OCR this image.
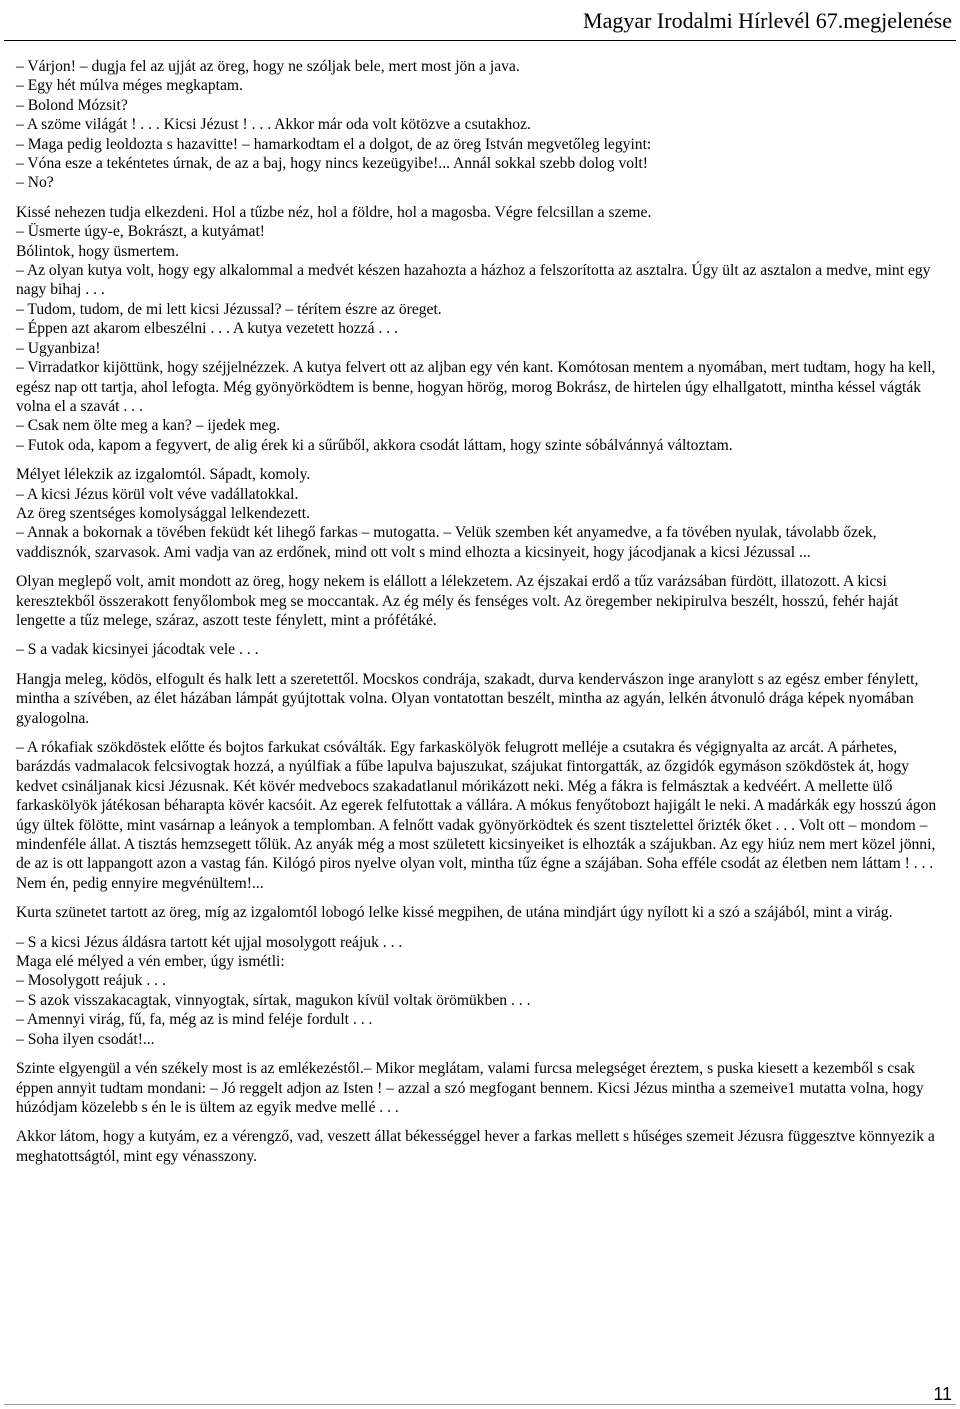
Magyar Irodalmi Hírlevél 67.megjelenése

– Várjon! – dugja fel az ujját az öreg, hogy ne szóljak bele, mert most jön a java.

– Egy hét múlva méges megkaptam.

– Bolond Mózsit?

– A szöme világát ! . . . Kicsi Jézust ! . . . Akkor már oda volt kötözve a csutakhoz.

– Maga pedig leoldozta s hazavitte! – hamarkodtam el a dolgot, de az öreg István megvetőleg legyint:

– Vóna esze a tekéntetes úrnak, de az a baj, hogy nincs kezeügyibe!... Annál sokkal szebb dolog volt!

– No?

Kissé nehezen tudja elkezdeni. Hol a tűzbe néz, hol a földre, hol a magosba. Végre felcsillan a szeme.

– Üsmerte úgy-e, Bokrászt, a kutyámat!

Bólintok, hogy üsmertem.

– Az olyan kutya volt, hogy egy alkalommal a medvét készen hazahozta a házhoz a felszorította az asztalra. Úgy ült az asztalon a medve, mint egy nagy bihaj . . .

– Tudom, tudom, de mi lett kicsi Jézussal? – térítem észre az öreget.

– Éppen azt akarom elbeszélni . . . A kutya vezetett hozzá . . .

– Ugyanbiza!

– Virradatkor kijöttünk, hogy széjjelnézzek. A kutya felvert ott az aljban egy vén kant. Komótosan mentem a nyomában, mert tudtam, hogy ha kell, egész nap ott tartja, ahol lefogta. Még gyönyörködtem is benne, hogyan hörög, morog Bokrász, de hirtelen úgy elhallgatott, mintha késsel vágták volna el a szavát . . .

– Csak nem ölte meg a kan? – ijedek meg.

– Futok oda, kapom a fegyvert, de alig érek ki a sűrűből, akkora csodát láttam, hogy szinte sóbálvánnyá változtam.

Mélyet lélekzik az izgalomtól. Sápadt, komoly.

– A kicsi Jézus körül volt véve vadállatokkal.

Az öreg szentséges komolysággal lelkendezett.

– Annak a bokornak a tövében feküdt két lihegő farkas – mutogatta. – Velük szemben két anyamedve, a fa tövében nyulak, távolabb őzek, vaddisznók, szarvasok. Ami vadja van az erdőnek, mind ott volt s mind elhozta a kicsinyeit, hogy jácodjanak a kicsi Jézussal ...

Olyan meglepő volt, amit mondott az öreg, hogy nekem is elállott a lélekzetem. Az éjszakai erdő a tűz varázsában fürdött, illatozott. A kicsi keresztekből összerakott fenyőlombok meg se moccantak. Az ég mély és fenséges volt. Az öregember nekipirulva beszélt, hosszú, fehér haját lengette a tűz melege, száraz, aszott teste fénylett, mint a prófétáké.

– S a vadak kicsinyei jácodtak vele . . .

Hangja meleg, ködös, elfogult és halk lett a szeretettől. Mocskos condrája, szakadt, durva kendervászon inge aranylott s az egész ember fénylett, mintha a szívében, az élet házában lámpát gyújtottak volna. Olyan vontatottan beszélt, mintha az agyán, lelkén átvonuló drága képek nyomában gyalogolna.

– A rókafiak szökdöstek előtte és bojtos farkukat csóválták. Egy farkaskölyök felugrott melléje a csutakra és végignyalta az arcát. A párhetes, barázdás vadmalacok felcsivogtak hozzá, a nyúlfiak a fűbe lapulva bajuszukat, szájukat fintorgatták, az őzgidók egymáson szökdöstek át, hogy kedvet csináljanak kicsi Jézusnak. Két kövér medvebocs szakadatlanul mórikázott neki. Még a fákra is felmásztak a kedvéért. A mellette ülő farkaskölyök játékosan béharapta kövér kacsóit. Az egerek felfutottak a vállára. A mókus fenyőtobozt hajigált le neki. A madárkák egy hosszú ágon úgy ültek fölötte, mint vasárnap a leányok a templomban. A felnőtt vadak gyönyörködtek és szent tisztelettel őrizték őket . . . Volt ott – mondom – mindenféle állat. A tisztás hemzsegett tőlük. Az anyák még a most született kicsinyeiket is elhozták a szájukban. Az egy hiúz nem mert közel jönni, de az is ott lappangott azon a vastag fán. Kilógó piros nyelve olyan volt, mintha tűz égne a szájában. Soha efféle csodát az életben nem láttam ! . . . Nem én, pedig ennyire megvénültem!...

Kurta szünetet tartott az öreg, míg az izgalomtól lobogó lelke kissé megpihen, de utána mindjárt úgy nyílott ki a szó a szájából, mint a virág.

– S a kicsi Jézus áldásra tartott két ujjal mosolygott reájuk . . .

Maga elé mélyed a vén ember, úgy ismétli:

– Mosolygott reájuk . . .

– S azok visszakacagtak, vinnyogtak, sírtak, magukon kívül voltak örömükben . . .

– Amennyi virág, fű, fa, még az is mind feléje fordult . . .

– Soha ilyen csodát!...

Szinte elgyengül a vén székely most is az emlékezéstől.– Mikor meglátam, valami furcsa melegséget éreztem, s puska kiesett a kezemből s csak éppen annyit tudtam mondani: – Jó reggelt adjon az Isten ! – azzal a szó megfogant bennem. Kicsi Jézus mintha a szemeive1 mutatta volna, hogy húzódjam közelebb s én le is ültem az egyik medve mellé . . .

Akkor látom, hogy a kutyám, ez a vérengző, vad, veszett állat békességgel hever a farkas mellett s hűséges szemeit Jézusra függesztve könnyezik a meghatottságtól, mint egy vénasszony.

11
